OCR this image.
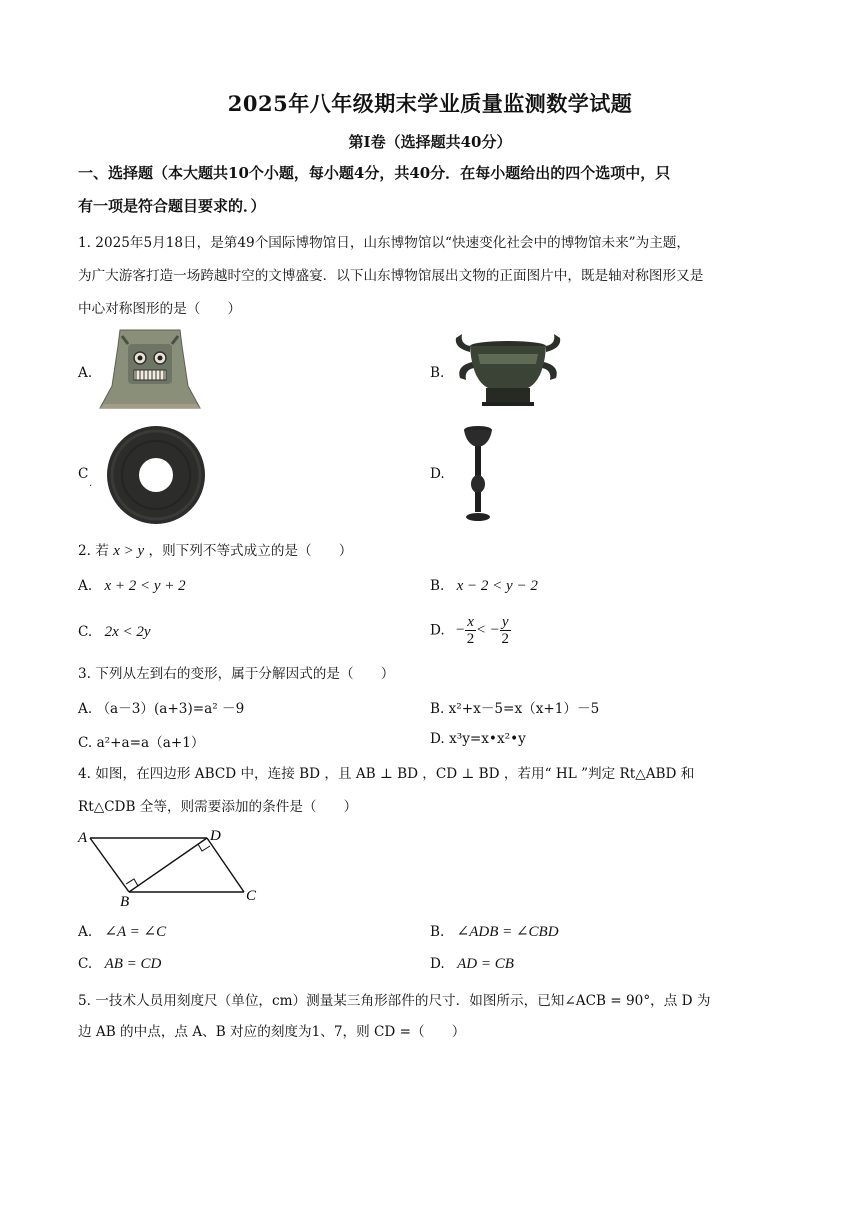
2025年八年级期末学业质量监测数学试题
第Ⅰ卷（选择题共40分）
一、选择题（本大题共10个小题，每小题4分，共40分．在每小题给出的四个选项中，只
有一项是符合题目要求的．）
1. 2025年5月18日，是第49个国际博物馆日，山东博物馆以“快速变化社会中的博物馆未来”为主题，
为广大游客打造一场跨越时空的文博盛宴．以下山东博物馆展出文物的正面图片中，既是轴对称图形又是
中心对称图形的是（　　）
A.	B.
C
.
D.
2. 若 x > y ，则下列不等式成立的是（　　）
A. x + 2 < y + 2	B. x − 2 < y − 2
C. 2x < 2y	D. − $\frac{x}{2}$ < − $\frac{y}{2}$
3. 下列从左到右的变形，属于分解因式的是（　　）
A. （a－3）(a+3)=a² －9	B. x²+x－5=x（x+1）－5
C. a²+a=a（a+1）	D. x³y=x•x²•y
4. 如图，在四边形 ABCD 中，连接 BD ，且 AB ⊥ BD ，CD ⊥ BD ，若用“ HL ”判定 Rt△ABD 和
Rt△CDB 全等，则需要添加的条件是（　　）
A	D
B	C
A. ∠A = ∠C	B. ∠ADB = ∠CBD
C. AB = CD	D. AD = CB
5. 一技术人员用刻度尺（单位，cm）测量某三角形部件的尺寸．如图所示，已知∠ACB = 90°，点 D 为
边 AB 的中点，点 A、B 对应的刻度为1、7，则 CD =（　　）
